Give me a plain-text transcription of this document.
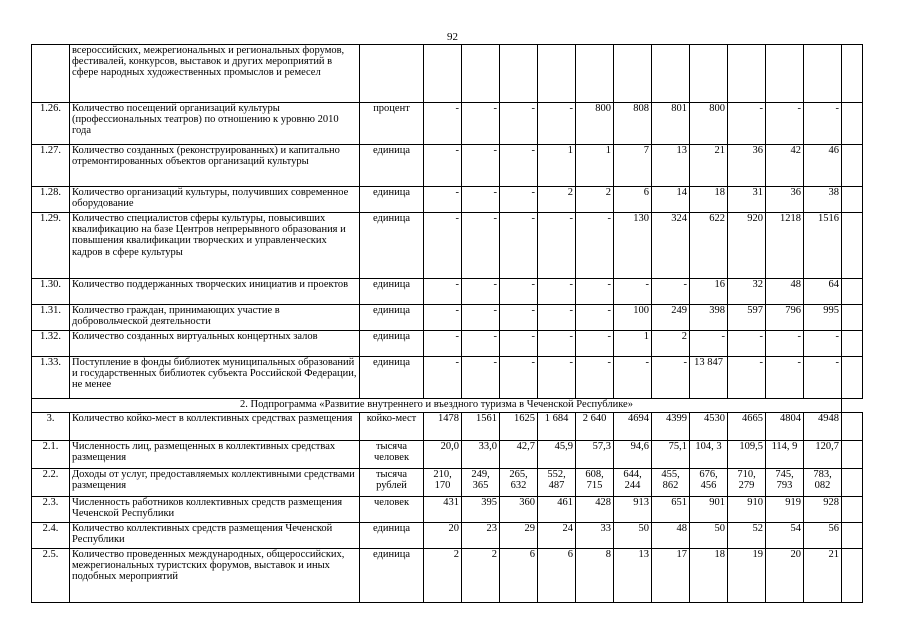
92
	всероссийских, межрегиональных и региональных форумов, фестивалей, конкурсов, выставок и других мероприятий в сфере народных художественных промыслов и ремесел													
1.26.	Количество посещений организаций культуры (профессиональных театров) по отношению к уровню 2010 года	процент	-	-	-	-	800	808	801	800	-	-	-	
1.27.	Количество созданных (реконструированных) и капитально отремонтированных объектов организаций культуры	единица	-	-	-	1	1	7	13	21	36	42	46	
1.28.	Количество организаций культуры, получивших современное оборудование	единица	-	-	-	2	2	6	14	18	31	36	38	
1.29.	Количество специалистов сферы культуры, повысивших квалификацию на базе Центров непрерывного образования и повышения квалификации творческих и управленческих кадров в сфере культуры	единица	-	-	-	-	-	130	324	622	920	1218	1516	
1.30.	Количество поддержанных творческих инициатив и проектов	единица	-	-	-	-	-	-	-	16	32	48	64	
1.31.	Количество граждан, принимающих участие в добровольческой деятельности	единица	-	-	-	-	-	100	249	398	597	796	995	
1.32.	Количество созданных виртуальных концертных залов	единица	-	-	-	-	-	1	2	-	-	-	-	
1.33.	Поступление в фонды библиотек муниципальных образований и государственных библиотек субъекта Российской Федерации, не менее	единица	-	-	-	-	-	-	-	13 847	-	-	-	
2. Подпрограмма «Развитие внутреннего и въездного туризма в Чеченской Республике»														
3.	Количество койко-мест в коллективных средствах размещения	койко-мест	1478	1561	1625	1 684	2 640	4694	4399	4530	4665	4804	4948	
2.1.	Численность лиц, размещенных в коллективных средствах размещения	тысяча человек	20,0	33,0	42,7	45,9	57,3	94,6	75,1	104, 3	109,5	114, 9	120,7	
2.2.	Доходы от услуг, предоставляемых коллективными средствами размещения	тысяча рублей	210, 170	249, 365	265, 632	552, 487	608, 715	644, 244	455, 862	676, 456	710, 279	745, 793	783, 082	
2.3.	Численность работников коллективных средств размещения Чеченской Республики	человек	431	395	360	461	428	913	651	901	910	919	928	
2.4.	Количество коллективных средств размещения Чеченской Республики	единица	20	23	29	24	33	50	48	50	52	54	56	
2.5.	Количество проведенных международных, общероссийских, межрегиональных туристских форумов, выставок и иных подобных мероприятий	единица	2	2	6	6	8	13	17	18	19	20	21	
